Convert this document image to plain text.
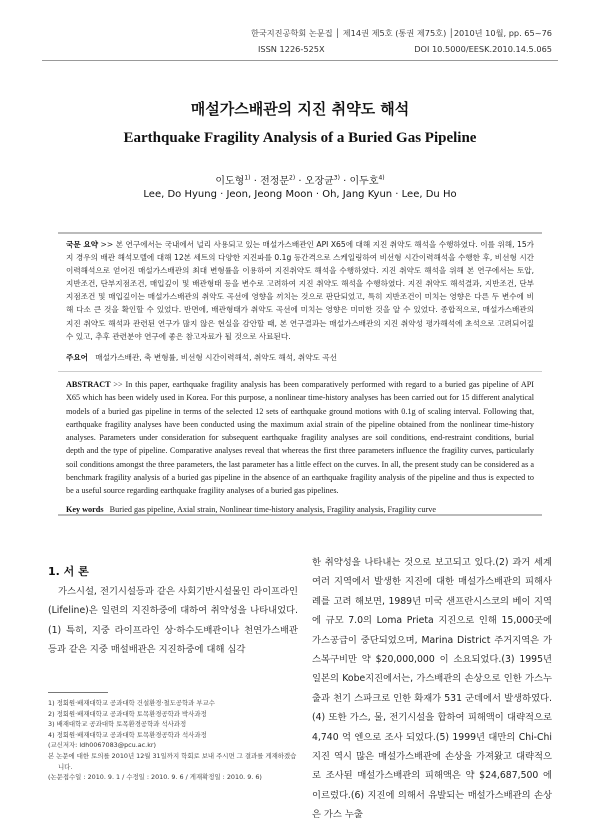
한국지진공학회 논문집 │ 제14권 제5호 (통권 제75호) │2010년 10월, pp. 65~76
ISSN 1226-525X	DOI 10.5000/EESK.2010.14.5.065
매설가스배관의 지진 취약도 해석
Earthquake Fragility Analysis of a Buried Gas Pipeline
이도형$^{1)}$ · 전정문$^{2)}$ · 오장균$^{3)}$ · 이두호$^{4)}$
Lee, Do Hyung · Jeon, Jeong Moon · Oh, Jang Kyun · Lee, Du Ho
국문 요약 >> 본 연구에서는 국내에서 널리 사용되고 있는 매설가스배관인 API X65에 대해 지진 취약도 해석을 수행하였다. 이를 위해, 15가지 경우의 배관 해석모델에 대해 12본 세트의 다양한 지진파를 0.1g 등간격으로 스케일링하여 비선형 시간이력해석을 수행한 후, 비선형 시간이력해석으로 얻어진 매설가스배관의 최대 변형률을 이용하여 지진취약도 해석을 수행하였다. 지진 취약도 해석을 위해 본 연구에서는 토압, 지반조건, 단부지점조건, 매입깊이 및 배관형태 등을 변수로 고려하여 지진 취약도 해석을 수행하였다. 지진 취약도 해석결과, 지반조건, 단부지점조건 및 매입깊이는 매설가스배관의 취약도 곡선에 영향을 끼치는 것으로 판단되었고, 특히 지반조건이 미치는 영향은 다른 두 변수에 비해 다소 큰 것을 확인할 수 있었다. 반면에, 배관형태가 취약도 곡선에 미치는 영향은 미미한 것을 알 수 있었다. 종합적으로, 매설가스배관의 지진 취약도 해석과 관련된 연구가 많지 않은 현실을 감안할 때, 본 연구결과는 매설가스배관의 지진 취약성 평가해석에 초석으로 고려되어질 수 있고, 추후 관련분야 연구에 좋은 참고자료가 될 것으로 사료된다.
주요어 매설가스배관, 축 변형률, 비선형 시간이력해석, 취약도 해석, 취약도 곡선
ABSTRACT >> In this paper, earthquake fragility analysis has been comparatively performed with regard to a buried gas pipeline of API X65 which has been widely used in Korea. For this purpose, a nonlinear time-history analyses has been carried out for 15 different analytical models of a buried gas pipeline in terms of the selected 12 sets of earthquake ground motions with 0.1g of scaling interval. Following that, earthquake fragility analyses have been conducted using the maximum axial strain of the pipeline obtained from the nonlinear time-history analyses. Parameters under consideration for subsequent earthquake fragility analyses are soil conditions, end-restraint conditions, burial depth and the type of pipeline. Comparative analyses reveal that whereas the first three parameters influence the fragility curves, particularly soil conditions amongst the three parameters, the last parameter has a little effect on the curves. In all, the present study can be considered as a benchmark fragility analysis of a buried gas pipeline in the absence of an earthquake fragility analysis of the pipeline and thus is expected to be a useful source regarding earthquake fragility analyses of a buried gas pipelines.
Key words Buried gas pipeline, Axial strain, Nonlinear time-history analysis, Fragility analysis, Fragility curve
1. 서 론
가스시설, 전기시설등과 같은 사회기반시설물인 라이프라인(Lifeline)은 일련의 지진하중에 대하여 취약성을 나타내었다.(1) 특히, 지중 라이프라인 상·하수도배관이나 천연가스배관 등과 같은 지중 매설배관은 지진하중에 대해 심각
한 취약성을 나타내는 것으로 보고되고 있다.(2) 과거 세계 여러 지역에서 발생한 지진에 대한 매설가스배관의 피해사례를 고려 해보면, 1989년 미국 샌프란시스코의 베이 지역에 규모 7.0의 Loma Prieta 지진으로 인해 15,000곳에 가스공급이 중단되었으며, Marina District 주거지역은 가스복구비만 약 $20,000,000 이 소요되었다.(3) 1995년 일본의 Kobe지진에서는, 가스배관의 손상으로 인한 가스누출과 천기 스파크로 인한 화재가 531 군데에서 발생하였다.(4) 또한 가스, 물, 전기시설을 합하여 피해액이 대략적으로 4,740 억 엔으로 조사 되었다.(5) 1999년 대만의 Chi-Chi 지진 역시 많은 매설가스배관에 손상을 가져왔고 대략적으로 조사된 매설가스배관의 피해액은 약 $24,687,500 에 이르렀다.(6) 지진에 의해서 유발되는 매설가스배관의 손상은 가스 누출
1) 정회원·배재대학교 공과대학 건설환경·철도공학과 부교수
2) 정회원·배재대학교 공과대학 토목환경공학과 박사과정
3) 배재대학교 공과대학 토목환경공학과 석사과정
4) 정회원·배재대학교 공과대학 토목환경공학과 석사과정
(교신저자: ldh0067083@pcu.ac.kr)
본 논문에 대한 토의를 2010년 12월 31일까지 학회로 보내 주시면 그 결과를 게재하겠습니다.
(논문접수일 : 2010. 9. 1 / 수정일 : 2010. 9. 6 / 게재확정일 : 2010. 9. 6)
